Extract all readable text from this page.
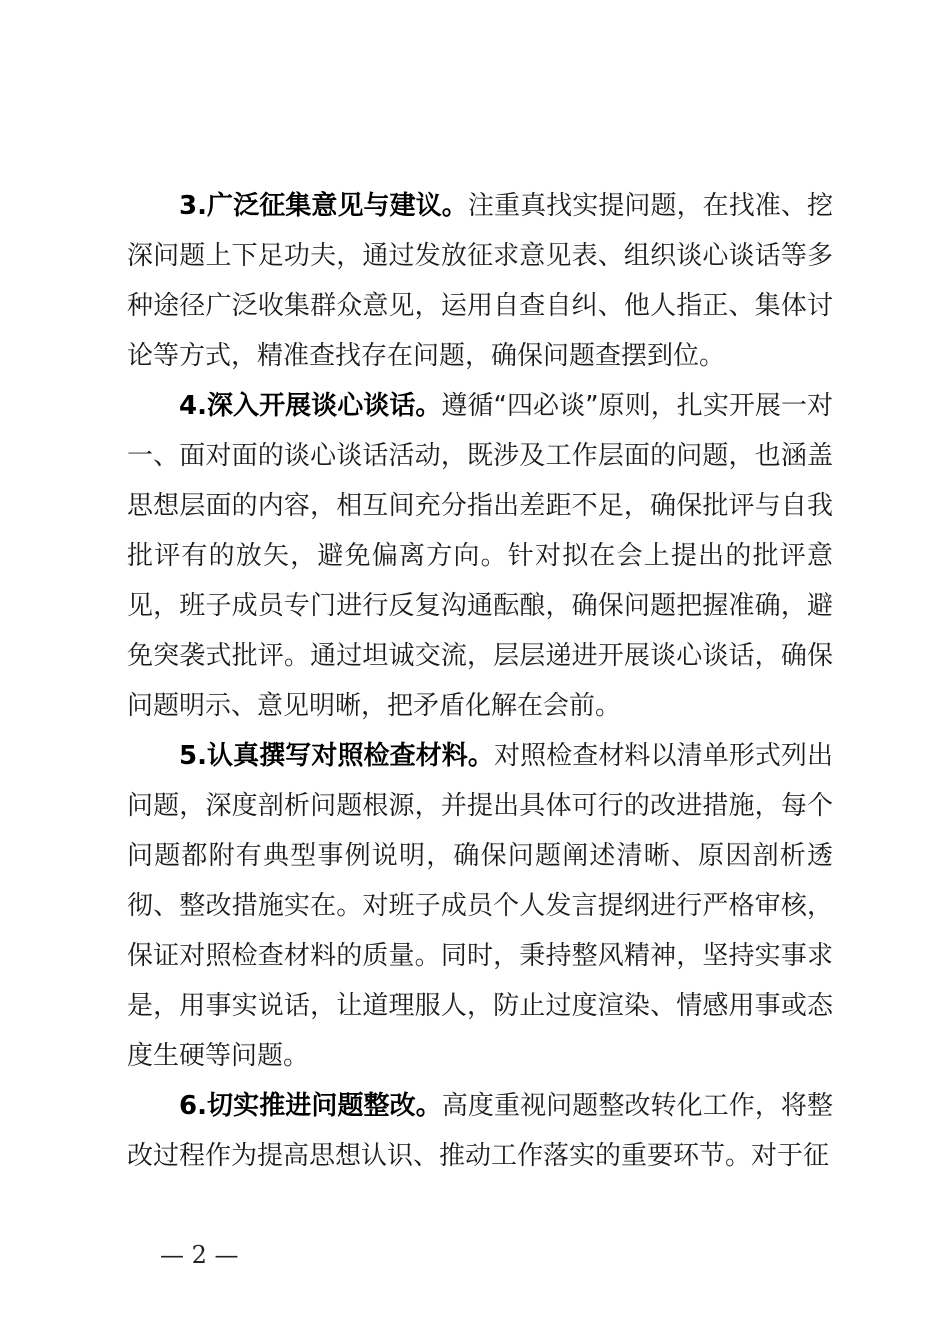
3.广泛征集意见与建议。注重真找实提问题，在找准、挖深问题上下足功夫，通过发放征求意见表、组织谈心谈话等多种途径广泛收集群众意见，运用自查自纠、他人指正、集体讨论等方式，精准查找存在问题，确保问题查摆到位。

4.深入开展谈心谈话。遵循“四必谈”原则，扎实开展一对一、面对面的谈心谈话活动，既涉及工作层面的问题，也涵盖思想层面的内容，相互间充分指出差距不足，确保批评与自我批评有的放矢，避免偏离方向。针对拟在会上提出的批评意见，班子成员专门进行反复沟通酝酿，确保问题把握准确，避免突袭式批评。通过坦诚交流，层层递进开展谈心谈话，确保问题明示、意见明晰，把矛盾化解在会前。

5.认真撰写对照检查材料。对照检查材料以清单形式列出问题，深度剖析问题根源，并提出具体可行的改进措施，每个问题都附有典型事例说明，确保问题阐述清晰、原因剖析透彻、整改措施实在。对班子成员个人发言提纲进行严格审核，保证对照检查材料的质量。同时，秉持整风精神，坚持实事求是，用事实说话，让道理服人，防止过度渲染、情感用事或态度生硬等问题。

6.切实推进问题整改。高度重视问题整改转化工作，将整改过程作为提高思想认识、推动工作落实的重要环节。对于征

— 2 —
